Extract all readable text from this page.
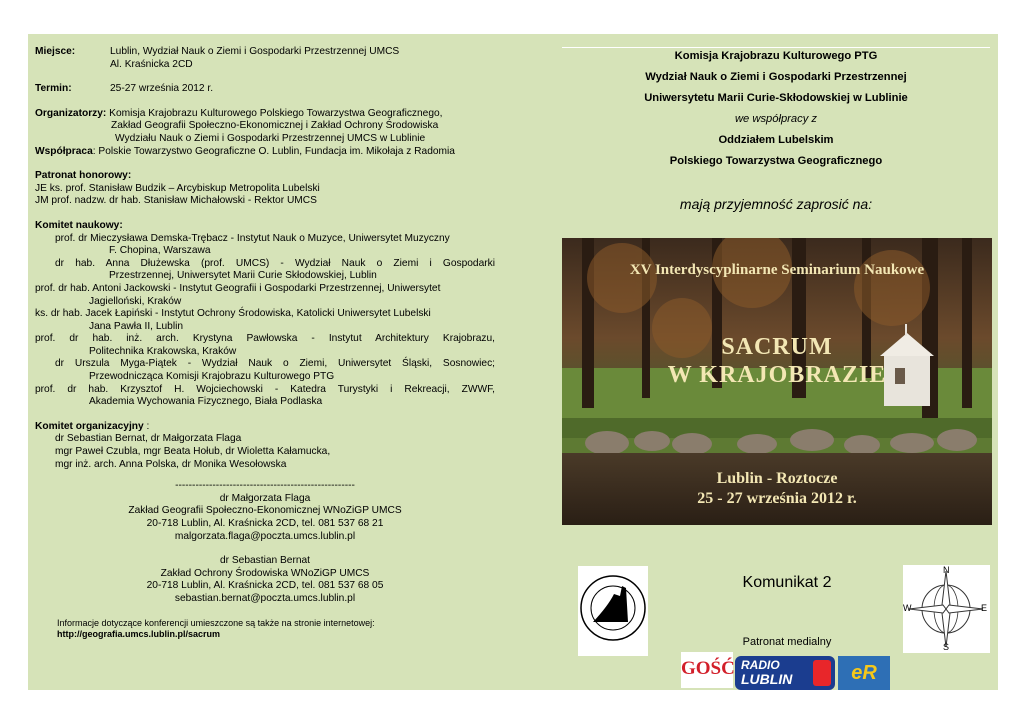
Miejsce:	Lublin, Wydział Nauk o Ziemi i Gospodarki Przestrzennej UMCS
Al. Kraśnicka 2CD
Termin:	25-27 września 2012 r.
Organizatorzy: Komisja Krajobrazu Kulturowego Polskiego Towarzystwa Geograficznego,
Zakład Geografii Społeczno-Ekonomicznej i Zakład Ochrony Środowiska
Wydziału Nauk o Ziemi i Gospodarki Przestrzennej UMCS w Lublinie
Współpraca: Polskie Towarzystwo Geograficzne O. Lublin, Fundacja im. Mikołaja z Radomia
Patronat honorowy:
JE ks. prof. Stanisław Budzik – Arcybiskup Metropolita Lubelski
JM prof. nadzw. dr hab. Stanisław Michałowski - Rektor UMCS
Komitet naukowy:
prof. dr Mieczysława Demska-Trębacz - Instytut Nauk o Muzyce, Uniwersytet Muzyczny
F. Chopina, Warszawa
dr hab. Anna Dłużewska (prof. UMCS) - Wydział Nauk o Ziemi i Gospodarki
Przestrzennej, Uniwersytet Marii Curie Skłodowskiej, Lublin
prof. dr hab. Antoni Jackowski - Instytut Geografii i Gospodarki Przestrzennej, Uniwersytet
Jagielloński, Kraków
ks. dr hab. Jacek Łapiński - Instytut Ochrony Środowiska, Katolicki Uniwersytet Lubelski
Jana Pawła II, Lublin
prof. dr hab. inż. arch. Krystyna Pawłowska - Instytut Architektury Krajobrazu,
Politechnika Krakowska, Kraków
dr Urszula Myga-Piątek - Wydział Nauk o Ziemi, Uniwersytet Śląski, Sosnowiec;
Przewodnicząca Komisji Krajobrazu Kulturowego PTG
prof. dr hab. Krzysztof H. Wojciechowski - Katedra Turystyki i Rekreacji, ZWWF,
Akademia Wychowania Fizycznego, Biała Podlaska
Komitet organizacyjny :
dr Sebastian Bernat, dr Małgorzata Flaga
mgr Paweł Czubla, mgr Beata Hołub, dr Wioletta Kałamucka,
mgr inż. arch. Anna Polska, dr Monika Wesołowska
-----------------------------------------------------
dr Małgorzata Flaga
Zakład Geografii Społeczno-Ekonomicznej WNoZiGP UMCS
20-718 Lublin, Al. Kraśnicka 2CD, tel. 081 537 68 21
malgorzata.flaga@poczta.umcs.lublin.pl
dr Sebastian Bernat
Zakład Ochrony Środowiska WNoZiGP UMCS
20-718 Lublin, Al. Kraśnicka 2CD, tel. 081 537 68 05
sebastian.bernat@poczta.umcs.lublin.pl
Informacje dotyczące konferencji umieszczone są także na stronie internetowej:
http://geografia.umcs.lublin.pl/sacrum
Komisja Krajobrazu Kulturowego PTG
Wydział Nauk o Ziemi i Gospodarki Przestrzennej
Uniwersytetu Marii Curie-Skłodowskiej w Lublinie
we współpracy z
Oddziałem Lubelskim
Polskiego Towarzystwa Geograficznego
mają przyjemność zaprosić na:
XV Interdyscyplinarne Seminarium Naukowe
SACRUM
W KRAJOBRAZIE
Lublin - Roztocze
25 - 27 września 2012 r.
Komunikat 2
Patronat medialny
N
S
E
W
GOŚĆ RADIO
LUBLIN	eR
